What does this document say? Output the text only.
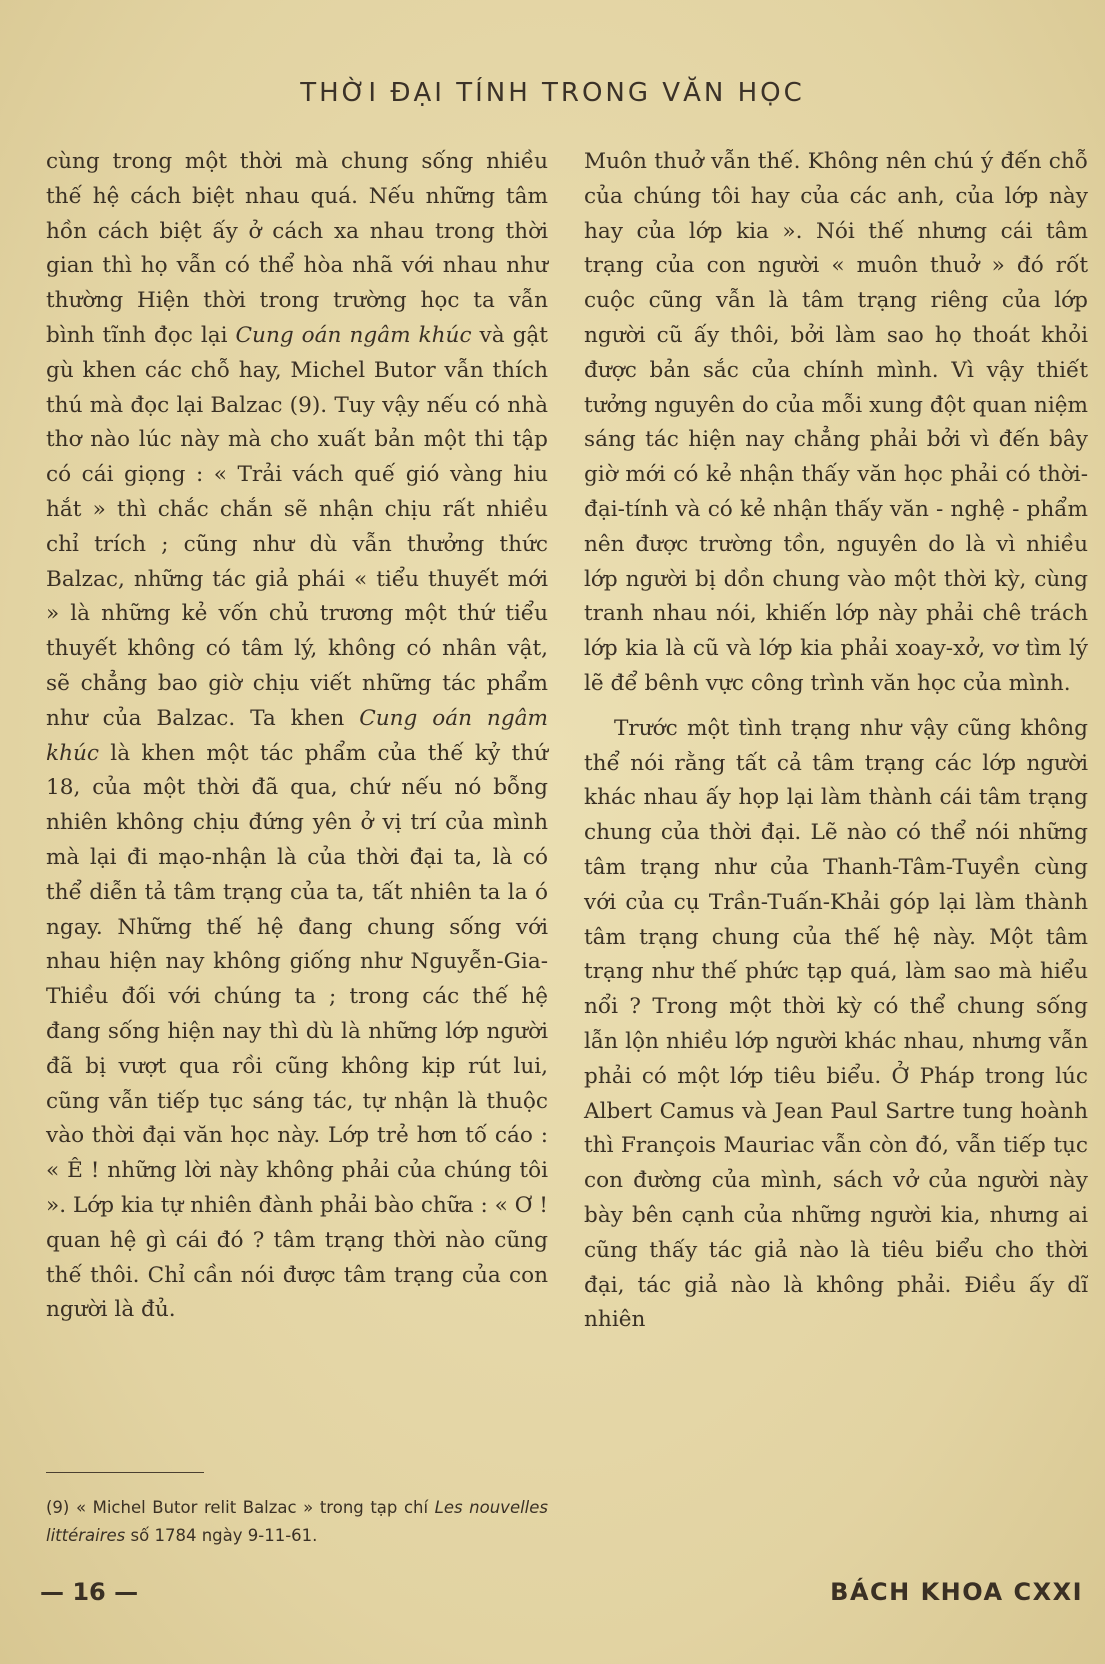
THỜI ĐẠI TÍNH TRONG VĂN HỌC

cùng trong một thời mà chung sống nhiều thế hệ cách biệt nhau quá. Nếu những tâm hồn cách biệt ấy ở cách xa nhau trong thời gian thì họ vẫn có thể hòa nhã với nhau như thường Hiện thời trong trường học ta vẫn bình tĩnh đọc lại Cung oán ngâm khúc và gật gù khen các chỗ hay, Michel Butor vẫn thích thú mà đọc lại Balzac (9). Tuy vậy nếu có nhà thơ nào lúc này mà cho xuất bản một thi tập có cái giọng : « Trải vách quế gió vàng hiu hắt » thì chắc chắn sẽ nhận chịu rất nhiều chỉ trích ; cũng như dù vẫn thưởng thức Balzac, những tác giả phái « tiểu thuyết mới » là những kẻ vốn chủ trương một thứ tiểu thuyết không có tâm lý, không có nhân vật, sẽ chẳng bao giờ chịu viết những tác phẩm như của Balzac. Ta khen Cung oán ngâm khúc là khen một tác phẩm của thế kỷ thứ 18, của một thời đã qua, chứ nếu nó bỗng nhiên không chịu đứng yên ở vị trí của mình mà lại đi mạo-nhận là của thời đại ta, là có thể diễn tả tâm trạng của ta, tất nhiên ta la ó ngay. Những thế hệ đang chung sống với nhau hiện nay không giống như Nguyễn-Gia-Thiều đối với chúng ta ; trong các thế hệ đang sống hiện nay thì dù là những lớp người đã bị vượt qua rồi cũng không kịp rút lui, cũng vẫn tiếp tục sáng tác, tự nhận là thuộc vào thời đại văn học này. Lớp trẻ hơn tố cáo : « Ê ! những lời này không phải của chúng tôi ». Lớp kia tự nhiên đành phải bào chữa : « Ơ ! quan hệ gì cái đó ? tâm trạng thời nào cũng thế thôi. Chỉ cần nói được tâm trạng của con người là đủ.

Muôn thuở vẫn thế. Không nên chú ý đến chỗ của chúng tôi hay của các anh, của lớp này hay của lớp kia ». Nói thế nhưng cái tâm trạng của con người « muôn thuở » đó rốt cuộc cũng vẫn là tâm trạng riêng của lớp người cũ ấy thôi, bởi làm sao họ thoát khỏi được bản sắc của chính mình. Vì vậy thiết tưởng nguyên do của mỗi xung đột quan niệm sáng tác hiện nay chẳng phải bởi vì đến bây giờ mới có kẻ nhận thấy văn học phải có thời-đại-tính và có kẻ nhận thấy văn - nghệ - phẩm nên được trường tồn, nguyên do là vì nhiều lớp người bị dồn chung vào một thời kỳ, cùng tranh nhau nói, khiến lớp này phải chê trách lớp kia là cũ và lớp kia phải xoay-xở, vơ tìm lý lẽ để bênh vực công trình văn học của mình.

Trước một tình trạng như vậy cũng không thể nói rằng tất cả tâm trạng các lớp người khác nhau ấy họp lại làm thành cái tâm trạng chung của thời đại. Lẽ nào có thể nói những tâm trạng như của Thanh-Tâm-Tuyền cùng với của cụ Trần-Tuấn-Khải góp lại làm thành tâm trạng chung của thế hệ này. Một tâm trạng như thế phức tạp quá, làm sao mà hiểu nổi ? Trong một thời kỳ có thể chung sống lẫn lộn nhiều lớp người khác nhau, nhưng vẫn phải có một lớp tiêu biểu. Ở Pháp trong lúc Albert Camus và Jean Paul Sartre tung hoành thì François Mauriac vẫn còn đó, vẫn tiếp tục con đường của mình, sách vở của người này bày bên cạnh của những người kia, nhưng ai cũng thấy tác giả nào là tiêu biểu cho thời đại, tác giả nào là không phải. Điều ấy dĩ nhiên

(9) « Michel Butor relit Balzac » trong tạp chí Les nouvelles littéraires số 1784 ngày 9-11-61.

— 16 —	BÁCH KHOA CXXI
